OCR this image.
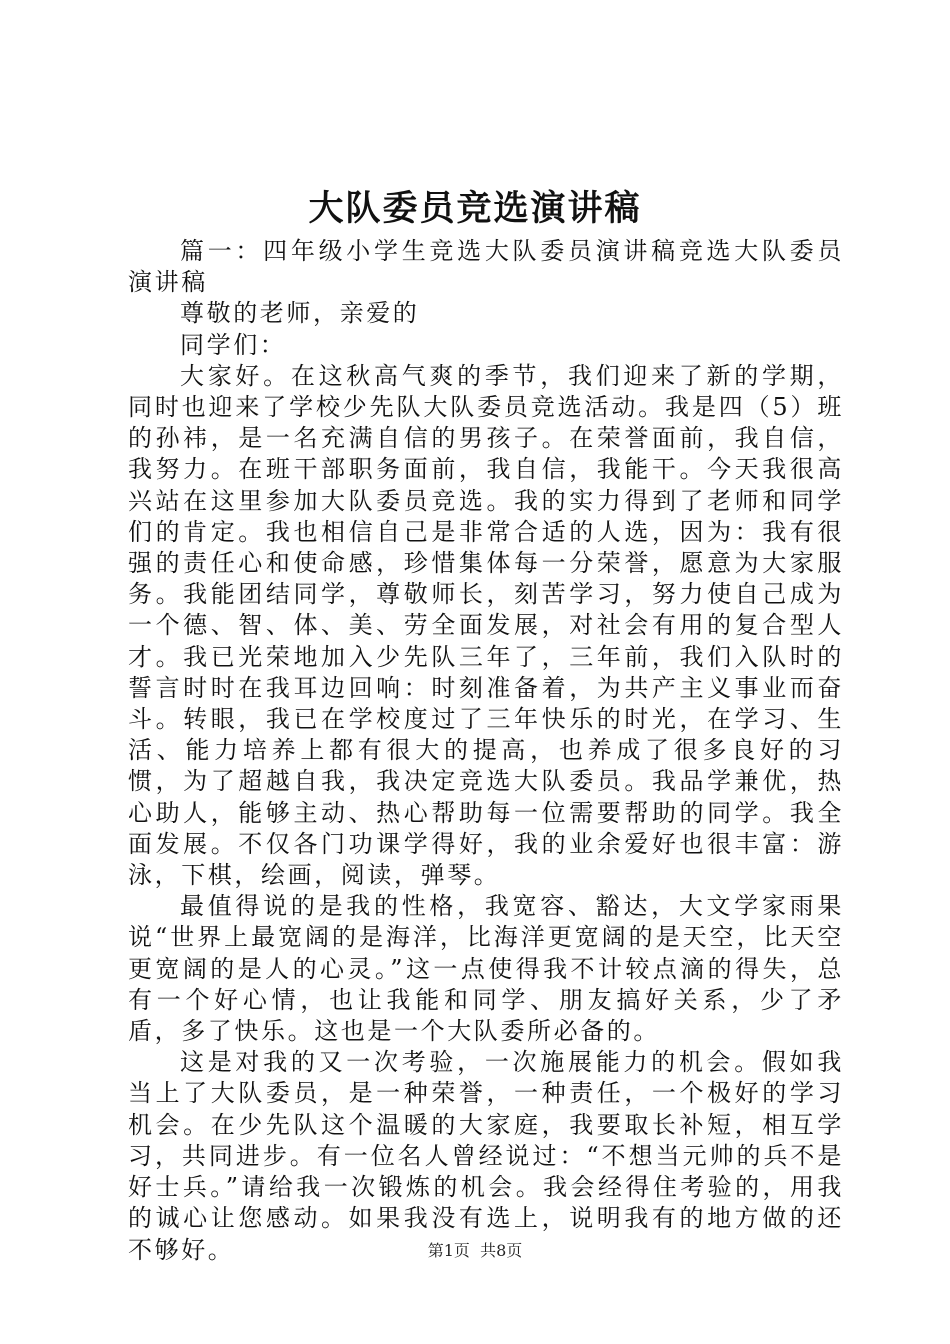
大队委员竞选演讲稿

篇一：四年级小学生竞选大队委员演讲稿竞选大队委员演讲稿

尊敬的老师，亲爱的

同学们：

大家好。在这秋高气爽的季节，我们迎来了新的学期，同时也迎来了学校少先队大队委员竞选活动。我是四（5）班的孙祎，是一名充满自信的男孩子。在荣誉面前，我自信，我努力。在班干部职务面前，我自信，我能干。今天我很高兴站在这里参加大队委员竞选。我的实力得到了老师和同学们的肯定。我也相信自己是非常合适的人选，因为：我有很强的责任心和使命感，珍惜集体每一分荣誉，愿意为大家服务。我能团结同学，尊敬师长，刻苦学习，努力使自己成为一个德、智、体、美、劳全面发展，对社会有用的复合型人才。我已光荣地加入少先队三年了，三年前，我们入队时的誓言时时在我耳边回响：时刻准备着，为共产主义事业而奋斗。转眼，我已在学校度过了三年快乐的时光，在学习、生活、能力培养上都有很大的提高，也养成了很多良好的习惯，为了超越自我，我决定竞选大队委员。我品学兼优，热心助人，能够主动、热心帮助每一位需要帮助的同学。我全面发展。不仅各门功课学得好，我的业余爱好也很丰富：游泳，下棋，绘画，阅读，弹琴。

最值得说的是我的性格，我宽容、豁达，大文学家雨果说“世界上最宽阔的是海洋，比海洋更宽阔的是天空，比天空更宽阔的是人的心灵。”这一点使得我不计较点滴的得失，总有一个好心情，也让我能和同学、朋友搞好关系，少了矛盾，多了快乐。这也是一个大队委所必备的。

这是对我的又一次考验，一次施展能力的机会。假如我当上了大队委员，是一种荣誉，一种责任，一个极好的学习机会。在少先队这个温暖的大家庭，我要取长补短，相互学习，共同进步。有一位名人曾经说过：“不想当元帅的兵不是好士兵。”请给我一次锻炼的机会。我会经得住考验的，用我的诚心让您感动。如果我没有选上，说明我有的地方做的还不够好。	第1页  共8页
